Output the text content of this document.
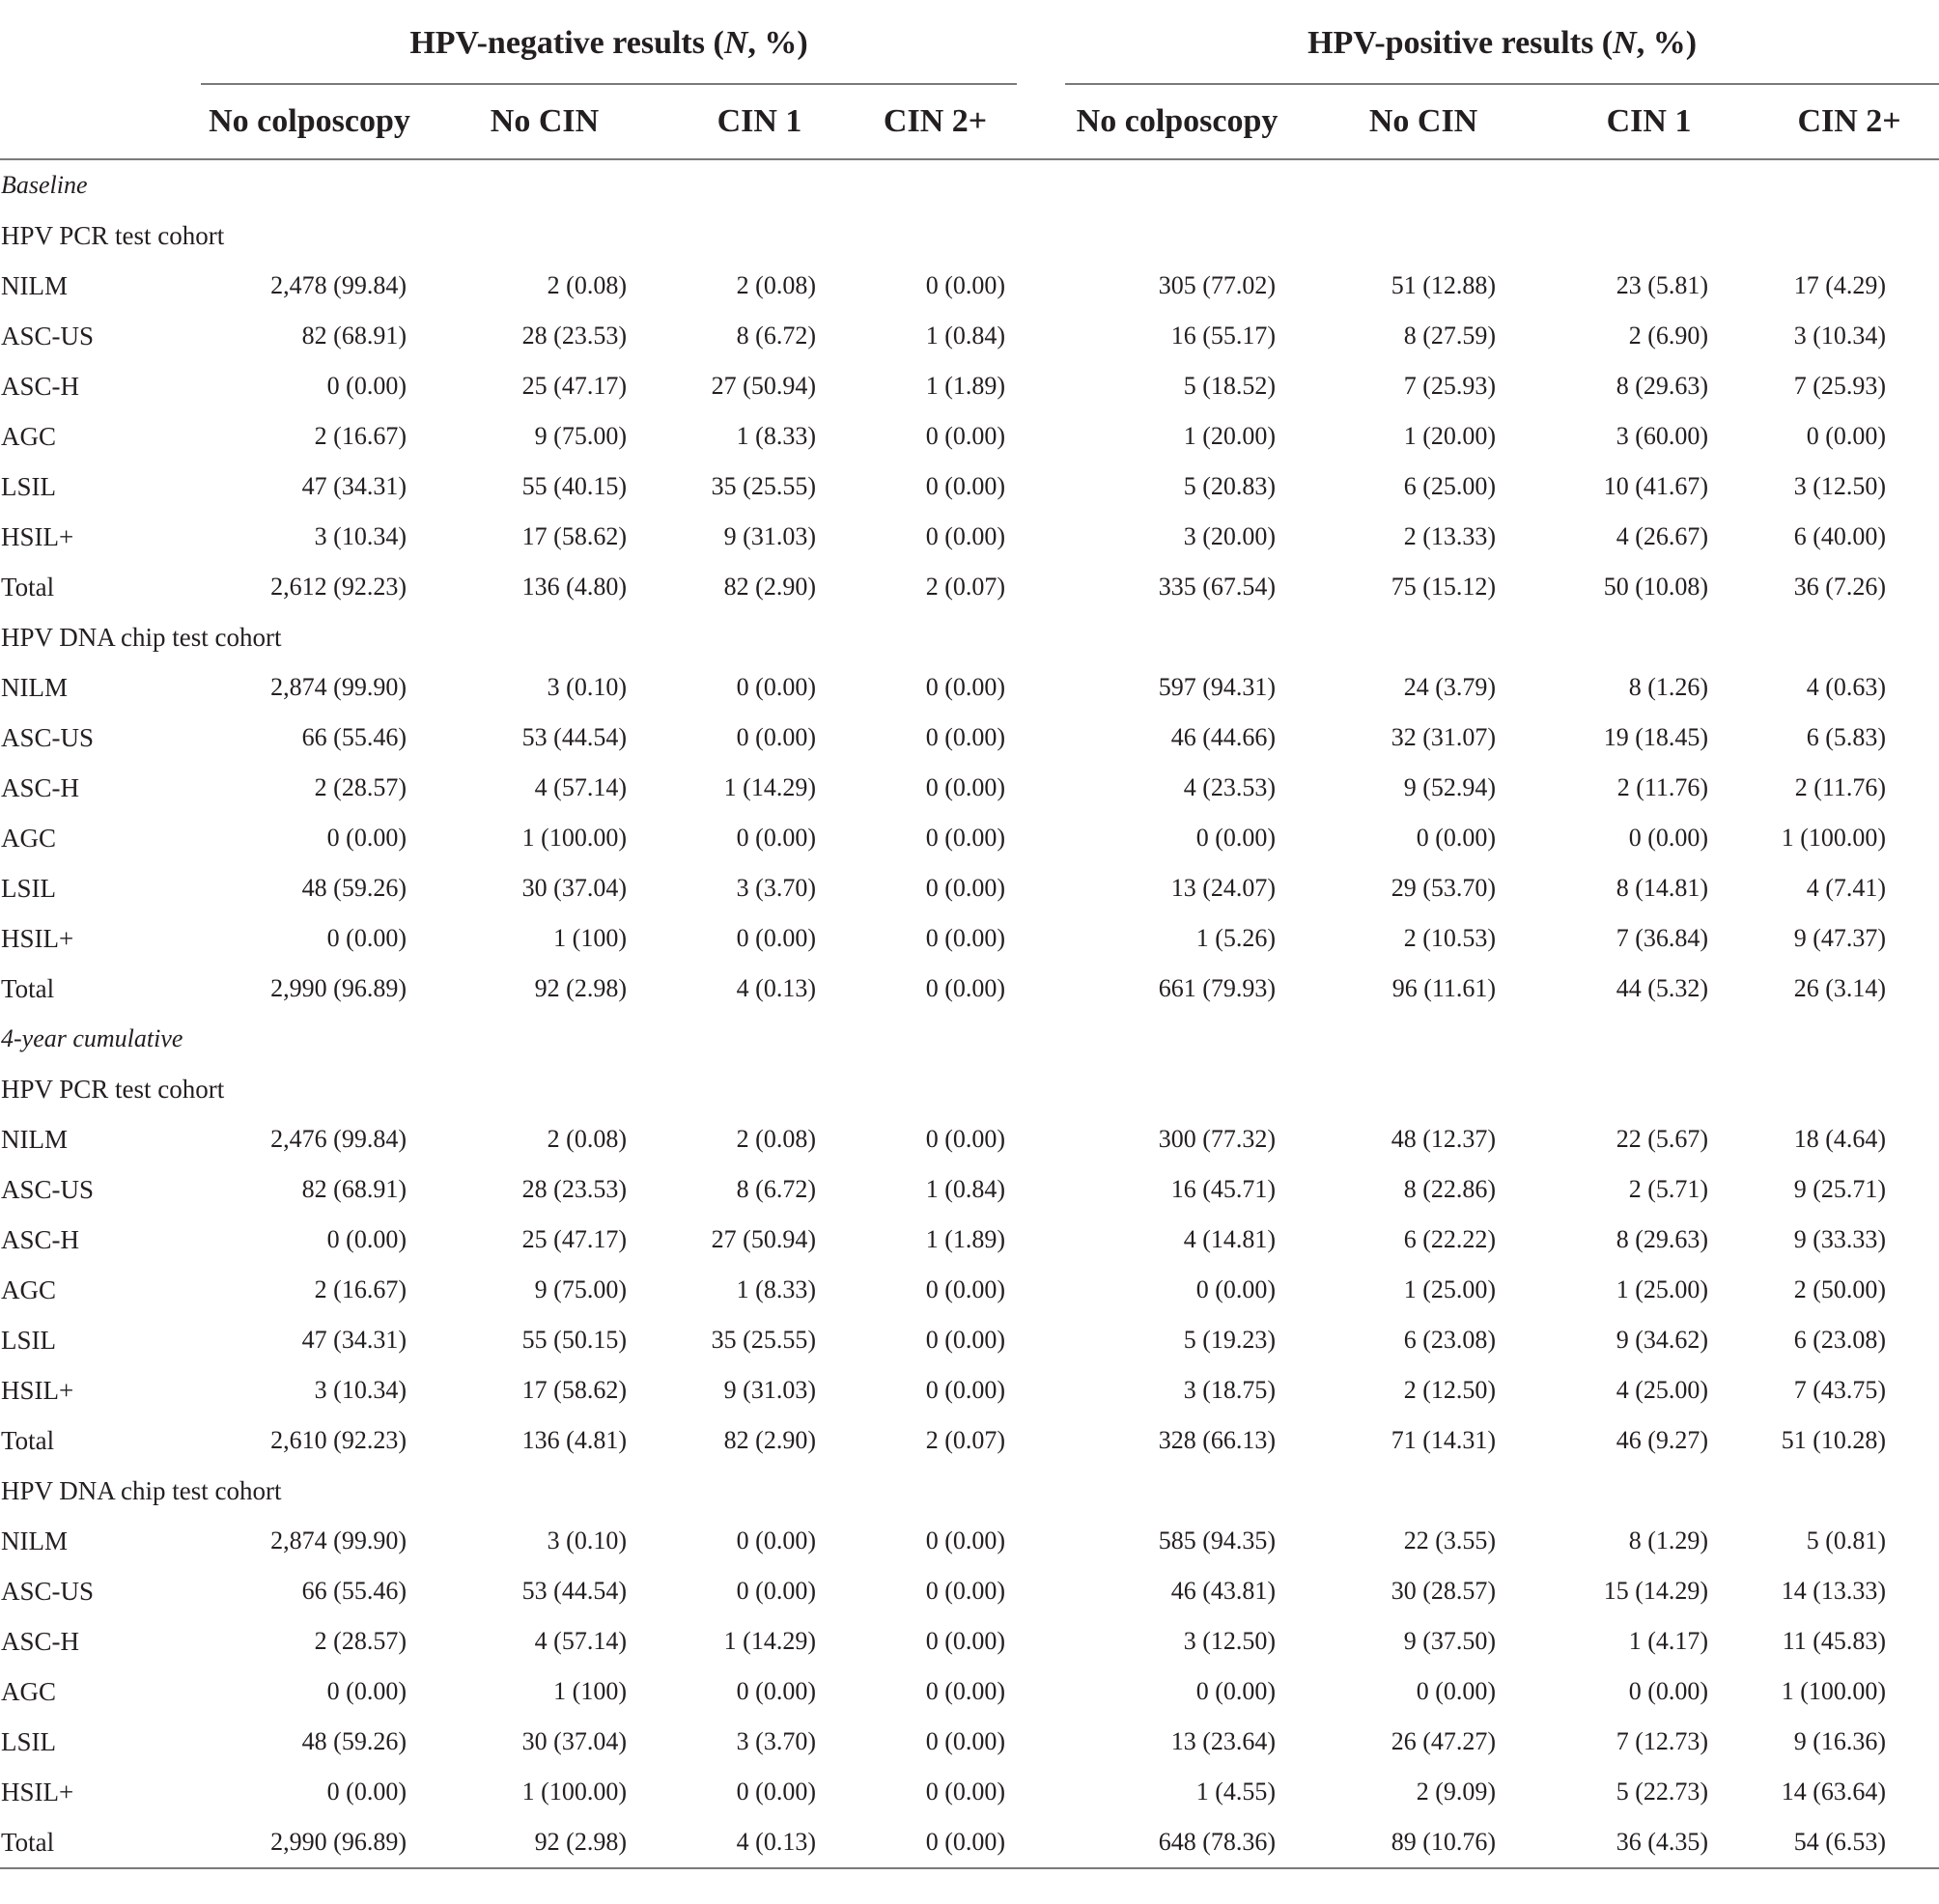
	HPV-negative results (N, %)					HPV-positive results (N, %)			

	No colposcopy	No CIN	CIN 1	CIN 2+		No colposcopy	No CIN	CIN 1	CIN 2+
Baseline									
HPV PCR test cohort									
NILM	2,478 (99.84)	2 (0.08)	2 (0.08)	0 (0.00)		305 (77.02)	51 (12.88)	23 (5.81)	17 (4.29)
ASC-US	82 (68.91)	28 (23.53)	8 (6.72)	1 (0.84)		16 (55.17)	8 (27.59)	2 (6.90)	3 (10.34)
ASC-H	0 (0.00)	25 (47.17)	27 (50.94)	1 (1.89)		5 (18.52)	7 (25.93)	8 (29.63)	7 (25.93)
AGC	2 (16.67)	9 (75.00)	1 (8.33)	0 (0.00)		1 (20.00)	1 (20.00)	3 (60.00)	0 (0.00)
LSIL	47 (34.31)	55 (40.15)	35 (25.55)	0 (0.00)		5 (20.83)	6 (25.00)	10 (41.67)	3 (12.50)
HSIL+	3 (10.34)	17 (58.62)	9 (31.03)	0 (0.00)		3 (20.00)	2 (13.33)	4 (26.67)	6 (40.00)
Total	2,612 (92.23)	136 (4.80)	82 (2.90)	2 (0.07)		335 (67.54)	75 (15.12)	50 (10.08)	36 (7.26)
HPV DNA chip test cohort									
NILM	2,874 (99.90)	3 (0.10)	0 (0.00)	0 (0.00)		597 (94.31)	24 (3.79)	8 (1.26)	4 (0.63)
ASC-US	66 (55.46)	53 (44.54)	0 (0.00)	0 (0.00)		46 (44.66)	32 (31.07)	19 (18.45)	6 (5.83)
ASC-H	2 (28.57)	4 (57.14)	1 (14.29)	0 (0.00)		4 (23.53)	9 (52.94)	2 (11.76)	2 (11.76)
AGC	0 (0.00)	1 (100.00)	0 (0.00)	0 (0.00)		0 (0.00)	0 (0.00)	0 (0.00)	1 (100.00)
LSIL	48 (59.26)	30 (37.04)	3 (3.70)	0 (0.00)		13 (24.07)	29 (53.70)	8 (14.81)	4 (7.41)
HSIL+	0 (0.00)	1 (100)	0 (0.00)	0 (0.00)		1 (5.26)	2 (10.53)	7 (36.84)	9 (47.37)
Total	2,990 (96.89)	92 (2.98)	4 (0.13)	0 (0.00)		661 (79.93)	96 (11.61)	44 (5.32)	26 (3.14)
4-year cumulative									
HPV PCR test cohort									
NILM	2,476 (99.84)	2 (0.08)	2 (0.08)	0 (0.00)		300 (77.32)	48 (12.37)	22 (5.67)	18 (4.64)
ASC-US	82 (68.91)	28 (23.53)	8 (6.72)	1 (0.84)		16 (45.71)	8 (22.86)	2 (5.71)	9 (25.71)
ASC-H	0 (0.00)	25 (47.17)	27 (50.94)	1 (1.89)		4 (14.81)	6 (22.22)	8 (29.63)	9 (33.33)
AGC	2 (16.67)	9 (75.00)	1 (8.33)	0 (0.00)		0 (0.00)	1 (25.00)	1 (25.00)	2 (50.00)
LSIL	47 (34.31)	55 (50.15)	35 (25.55)	0 (0.00)		5 (19.23)	6 (23.08)	9 (34.62)	6 (23.08)
HSIL+	3 (10.34)	17 (58.62)	9 (31.03)	0 (0.00)		3 (18.75)	2 (12.50)	4 (25.00)	7 (43.75)
Total	2,610 (92.23)	136 (4.81)	82 (2.90)	2 (0.07)		328 (66.13)	71 (14.31)	46 (9.27)	51 (10.28)
HPV DNA chip test cohort									
NILM	2,874 (99.90)	3 (0.10)	0 (0.00)	0 (0.00)		585 (94.35)	22 (3.55)	8 (1.29)	5 (0.81)
ASC-US	66 (55.46)	53 (44.54)	0 (0.00)	0 (0.00)		46 (43.81)	30 (28.57)	15 (14.29)	14 (13.33)
ASC-H	2 (28.57)	4 (57.14)	1 (14.29)	0 (0.00)		3 (12.50)	9 (37.50)	1 (4.17)	11 (45.83)
AGC	0 (0.00)	1 (100)	0 (0.00)	0 (0.00)		0 (0.00)	0 (0.00)	0 (0.00)	1 (100.00)
LSIL	48 (59.26)	30 (37.04)	3 (3.70)	0 (0.00)		13 (23.64)	26 (47.27)	7 (12.73)	9 (16.36)
HSIL+	0 (0.00)	1 (100.00)	0 (0.00)	0 (0.00)		1 (4.55)	2 (9.09)	5 (22.73)	14 (63.64)
Total	2,990 (96.89)	92 (2.98)	4 (0.13)	0 (0.00)		648 (78.36)	89 (10.76)	36 (4.35)	54 (6.53)
